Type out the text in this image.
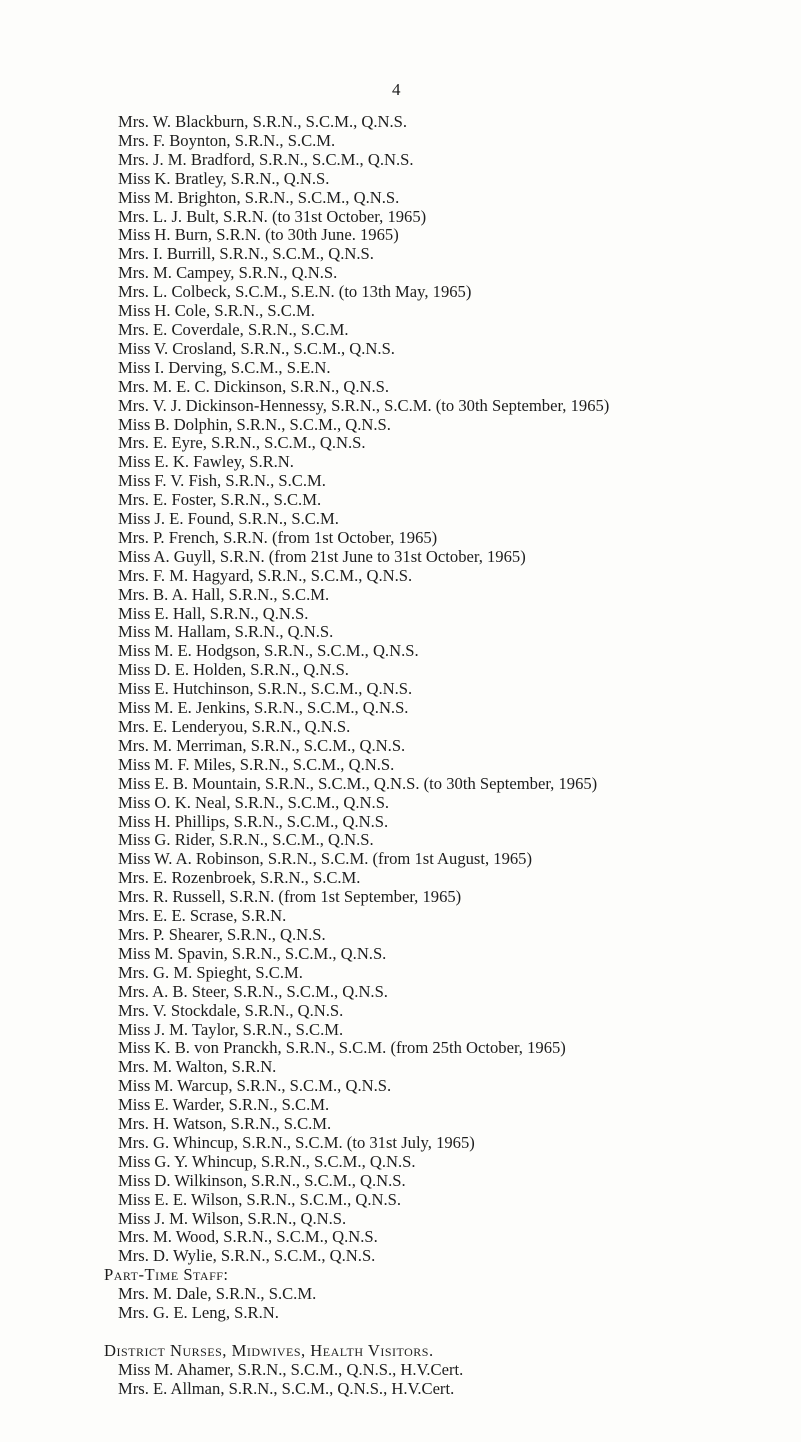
4
Mrs. W. Blackburn, S.R.N., S.C.M., Q.N.S.
Mrs. F. Boynton, S.R.N., S.C.M.
Mrs. J. M. Bradford, S.R.N., S.C.M., Q.N.S.
Miss K. Bratley, S.R.N., Q.N.S.
Miss M. Brighton, S.R.N., S.C.M., Q.N.S.
Mrs. L. J. Bult, S.R.N. (to 31st October, 1965)
Miss H. Burn, S.R.N. (to 30th June. 1965)
Mrs. I. Burrill, S.R.N., S.C.M., Q.N.S.
Mrs. M. Campey, S.R.N., Q.N.S.
Mrs. L. Colbeck, S.C.M., S.E.N. (to 13th May, 1965)
Miss H. Cole, S.R.N., S.C.M.
Mrs. E. Coverdale, S.R.N., S.C.M.
Miss V. Crosland, S.R.N., S.C.M., Q.N.S.
Miss I. Derving, S.C.M., S.E.N.
Mrs. M. E. C. Dickinson, S.R.N., Q.N.S.
Mrs. V. J. Dickinson-Hennessy, S.R.N., S.C.M. (to 30th September, 1965)
Miss B. Dolphin, S.R.N., S.C.M., Q.N.S.
Mrs. E. Eyre, S.R.N., S.C.M., Q.N.S.
Miss E. K. Fawley, S.R.N.
Miss F. V. Fish, S.R.N., S.C.M.
Mrs. E. Foster, S.R.N., S.C.M.
Miss J. E. Found, S.R.N., S.C.M.
Mrs. P. French, S.R.N. (from 1st October, 1965)
Miss A. Guyll, S.R.N. (from 21st June to 31st October, 1965)
Mrs. F. M. Hagyard, S.R.N., S.C.M., Q.N.S.
Mrs. B. A. Hall, S.R.N., S.C.M.
Miss E. Hall, S.R.N., Q.N.S.
Miss M. Hallam, S.R.N., Q.N.S.
Miss M. E. Hodgson, S.R.N., S.C.M., Q.N.S.
Miss D. E. Holden, S.R.N., Q.N.S.
Miss E. Hutchinson, S.R.N., S.C.M., Q.N.S.
Miss M. E. Jenkins, S.R.N., S.C.M., Q.N.S.
Mrs. E. Lenderyou, S.R.N., Q.N.S.
Mrs. M. Merriman, S.R.N., S.C.M., Q.N.S.
Miss M. F. Miles, S.R.N., S.C.M., Q.N.S.
Miss E. B. Mountain, S.R.N., S.C.M., Q.N.S. (to 30th September, 1965)
Miss O. K. Neal, S.R.N., S.C.M., Q.N.S.
Miss H. Phillips, S.R.N., S.C.M., Q.N.S.
Miss G. Rider, S.R.N., S.C.M., Q.N.S.
Miss W. A. Robinson, S.R.N., S.C.M. (from 1st August, 1965)
Mrs. E. Rozenbroek, S.R.N., S.C.M.
Mrs. R. Russell, S.R.N. (from 1st September, 1965)
Mrs. E. E. Scrase, S.R.N.
Mrs. P. Shearer, S.R.N., Q.N.S.
Miss M. Spavin, S.R.N., S.C.M., Q.N.S.
Mrs. G. M. Spieght, S.C.M.
Mrs. A. B. Steer, S.R.N., S.C.M., Q.N.S.
Mrs. V. Stockdale, S.R.N., Q.N.S.
Miss J. M. Taylor, S.R.N., S.C.M.
Miss K. B. von Pranckh, S.R.N., S.C.M. (from 25th October, 1965)
Mrs. M. Walton, S.R.N.
Miss M. Warcup, S.R.N., S.C.M., Q.N.S.
Miss E. Warder, S.R.N., S.C.M.
Mrs. H. Watson, S.R.N., S.C.M.
Mrs. G. Whincup, S.R.N., S.C.M. (to 31st July, 1965)
Miss G. Y. Whincup, S.R.N., S.C.M., Q.N.S.
Miss D. Wilkinson, S.R.N., S.C.M., Q.N.S.
Miss E. E. Wilson, S.R.N., S.C.M., Q.N.S.
Miss J. M. Wilson, S.R.N., Q.N.S.
Mrs. M. Wood, S.R.N., S.C.M., Q.N.S.
Mrs. D. Wylie, S.R.N., S.C.M., Q.N.S.
Part-Time Staff:
Mrs. M. Dale, S.R.N., S.C.M.
Mrs. G. E. Leng, S.R.N.
District Nurses, Midwives, Health Visitors.
Miss M. Ahamer, S.R.N., S.C.M., Q.N.S., H.V.Cert.
Mrs. E. Allman, S.R.N., S.C.M., Q.N.S., H.V.Cert.
